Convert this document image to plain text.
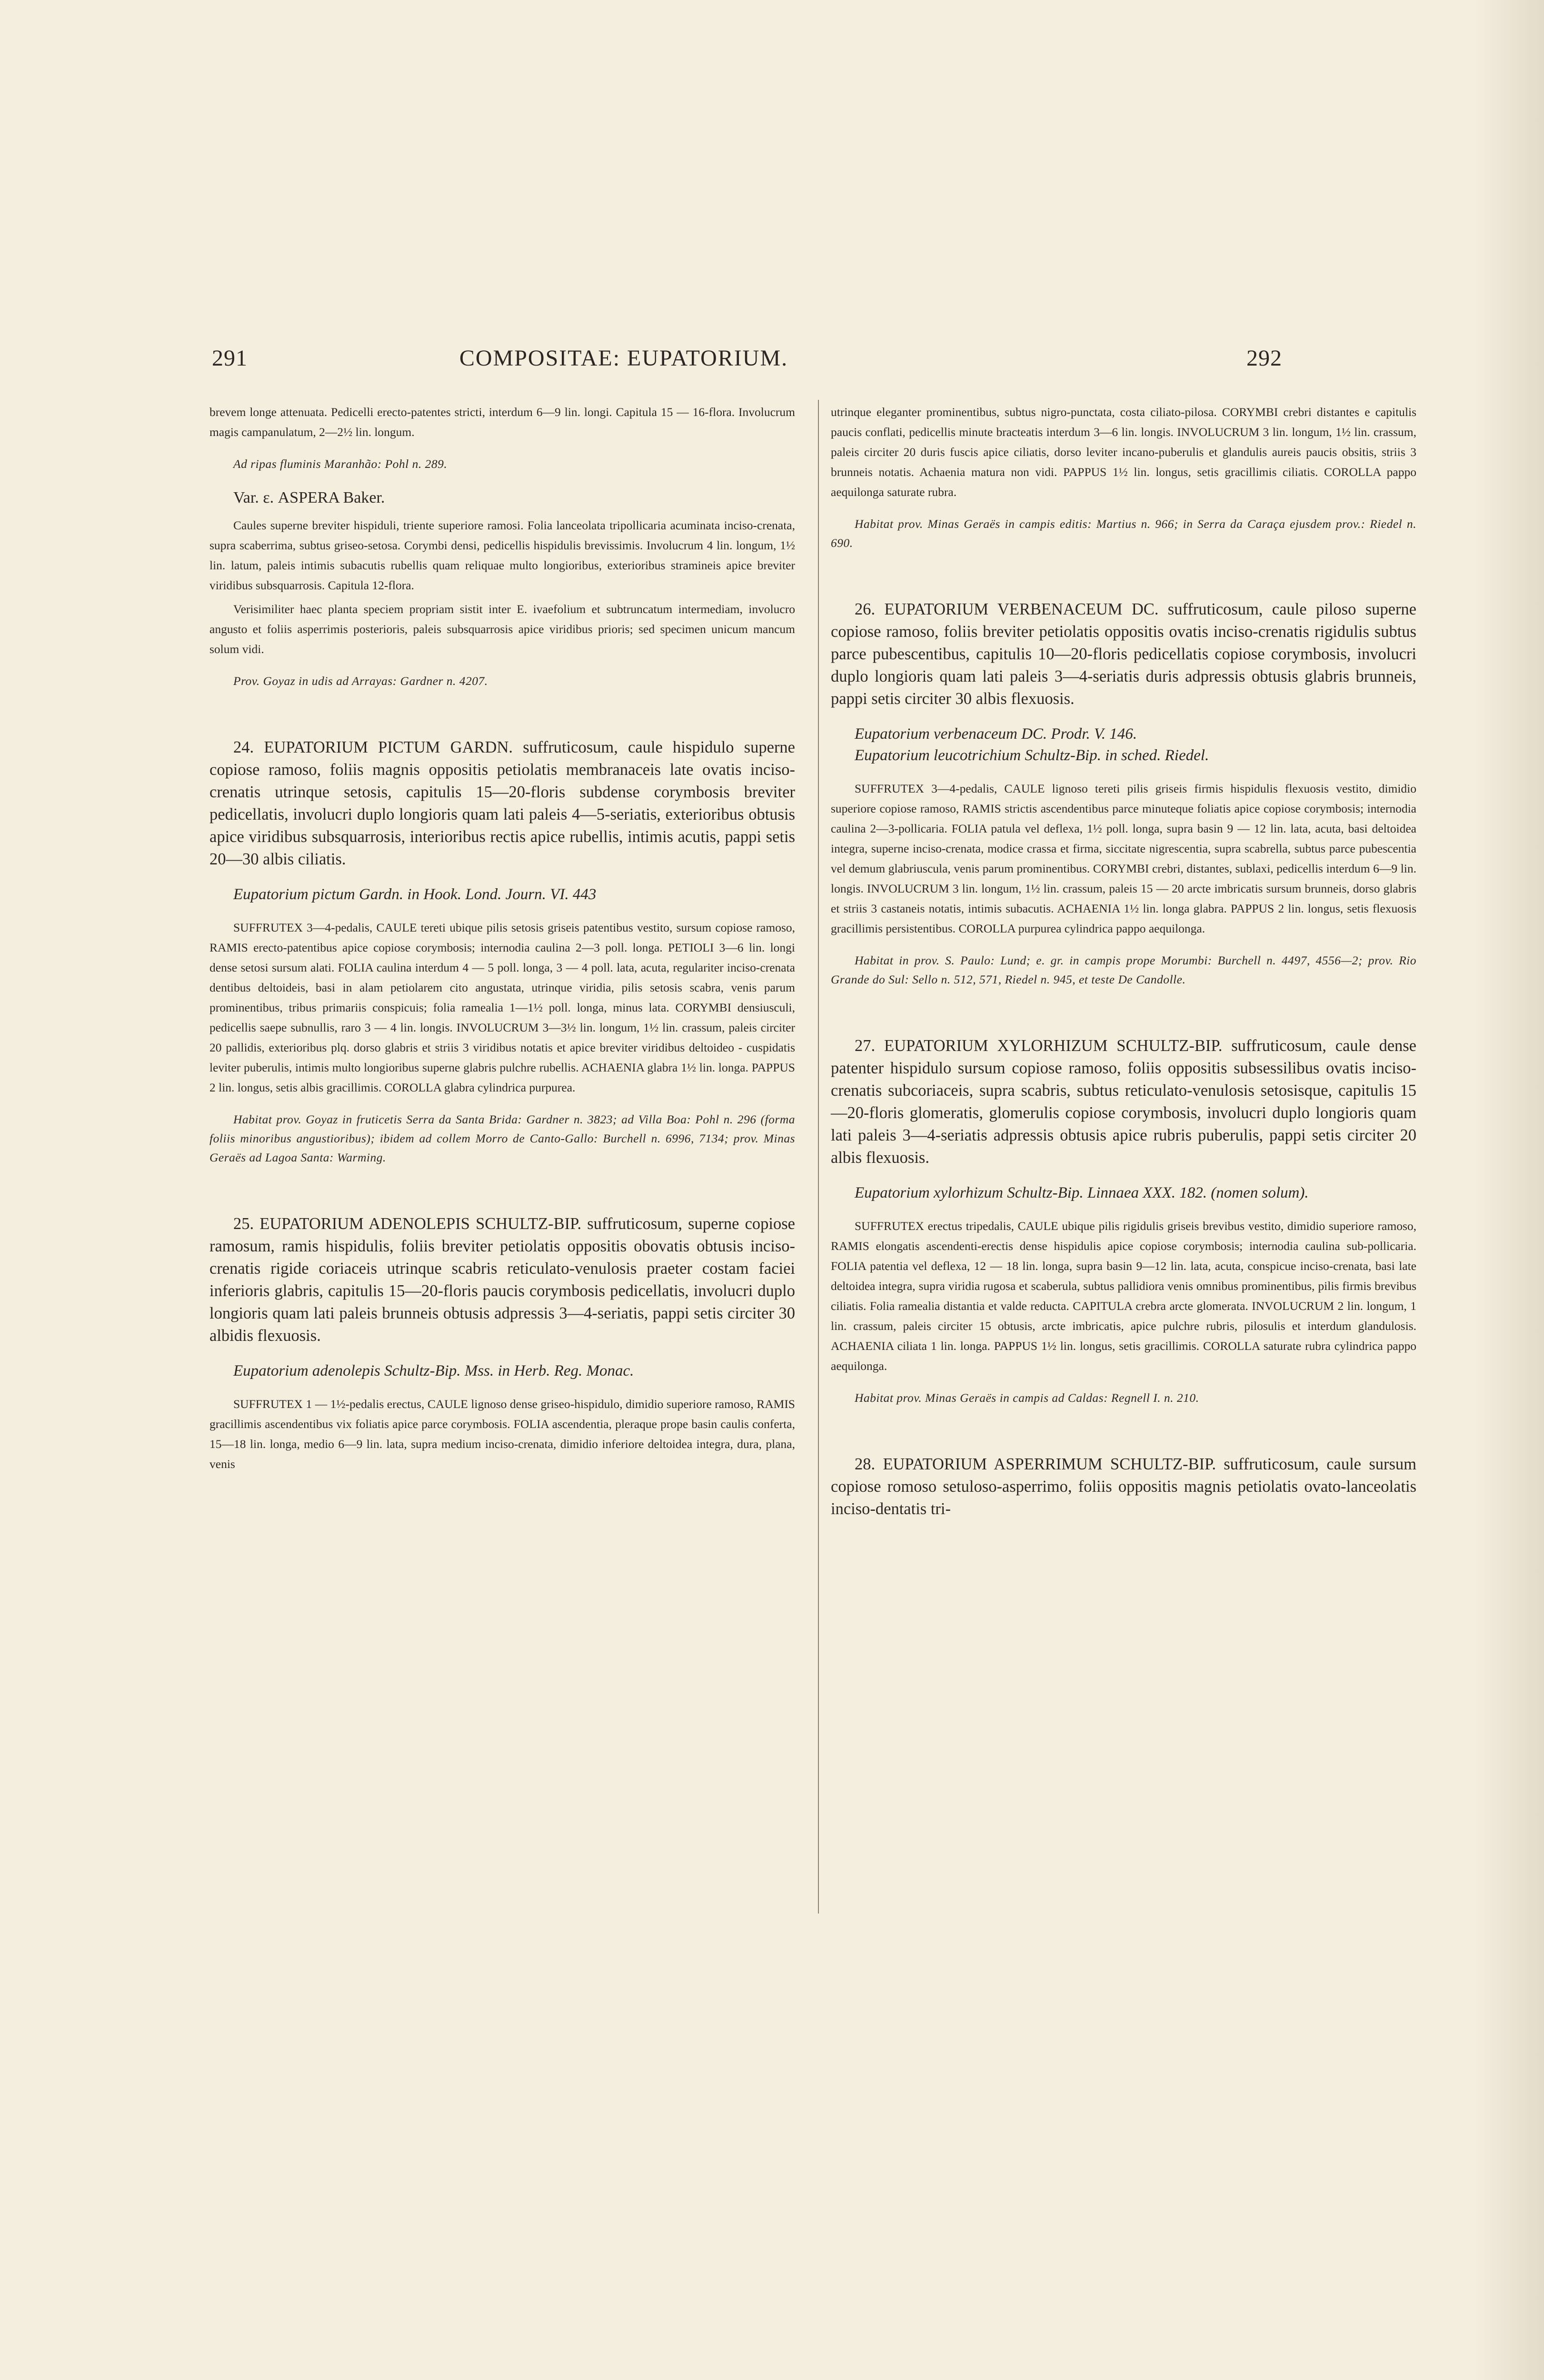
291	COMPOSITAE: EUPATORIUM.	292

brevem longe attenuata. Pedicelli erecto-patentes stricti, interdum 6—9 lin. longi. Capitula 15 — 16-flora. Involucrum magis campanulatum, 2—2½ lin. longum.

Ad ripas fluminis Maranhão: Pohl n. 289.

Var. ε. ASPERA Baker.

Caules superne breviter hispiduli, triente superiore ramosi. Folia lanceolata tripollicaria acuminata inciso-crenata, supra scaberrima, subtus griseo-setosa. Corymbi densi, pedicellis hispidulis brevissimis. Involucrum 4 lin. longum, 1½ lin. latum, paleis intimis subacutis rubellis quam reliquae multo longioribus, exterioribus stramineis apice breviter viridibus subsquarrosis. Capitula 12-flora.

Verisimiliter haec planta speciem propriam sistit inter E. ivaefolium et subtruncatum intermediam, involucro angusto et foliis asperrimis posterioris, paleis subsquarrosis apice viridibus prioris; sed specimen unicum mancum solum vidi.

Prov. Goyaz in udis ad Arrayas: Gardner n. 4207.

24. EUPATORIUM PICTUM GARDN. suffruticosum, caule hispidulo superne copiose ramoso, foliis magnis oppositis petiolatis membranaceis late ovatis inciso-crenatis utrinque setosis, capitulis 15—20-floris subdense corymbosis breviter pedicellatis, involucri duplo longioris quam lati paleis 4—5-seriatis, exterioribus obtusis apice viridibus subsquarrosis, interioribus rectis apice rubellis, intimis acutis, pappi setis 20—30 albis ciliatis.

Eupatorium pictum Gardn. in Hook. Lond. Journ. VI. 443

SUFFRUTEX 3—4-pedalis, CAULE tereti ubique pilis setosis griseis patentibus vestito, sursum copiose ramoso, RAMIS erecto-patentibus apice copiose corymbosis; internodia caulina 2—3 poll. longa. PETIOLI 3—6 lin. longi dense setosi sursum alati. FOLIA caulina interdum 4 — 5 poll. longa, 3 — 4 poll. lata, acuta, regulariter inciso-crenata dentibus deltoideis, basi in alam petiolarem cito angustata, utrinque viridia, pilis setosis scabra, venis parum prominentibus, tribus primariis conspicuis; folia ramealia 1—1½ poll. longa, minus lata. CORYMBI densiusculi, pedicellis saepe subnullis, raro 3 — 4 lin. longis. INVOLUCRUM 3—3½ lin. longum, 1½ lin. crassum, paleis circiter 20 pallidis, exterioribus plq. dorso glabris et striis 3 viridibus notatis et apice breviter viridibus deltoideo - cuspidatis leviter puberulis, intimis multo longioribus superne glabris pulchre rubellis. ACHAENIA glabra 1½ lin. longa. PAPPUS 2 lin. longus, setis albis gracillimis. COROLLA glabra cylindrica purpurea.

Habitat prov. Goyaz in fruticetis Serra da Santa Brida: Gardner n. 3823; ad Villa Boa: Pohl n. 296 (forma foliis minoribus angustioribus); ibidem ad collem Morro de Canto-Gallo: Burchell n. 6996, 7134; prov. Minas Geraës ad Lagoa Santa: Warming.

25. EUPATORIUM ADENOLEPIS SCHULTZ-BIP. suffruticosum, superne copiose ramosum, ramis hispidulis, foliis breviter petiolatis oppositis obovatis obtusis inciso-crenatis rigide coriaceis utrinque scabris reticulato-venulosis praeter costam faciei inferioris glabris, capitulis 15—20-floris paucis corymbosis pedicellatis, involucri duplo longioris quam lati paleis brunneis obtusis adpressis 3—4-seriatis, pappi setis circiter 30 albidis flexuosis.

Eupatorium adenolepis Schultz-Bip. Mss. in Herb. Reg. Monac.

SUFFRUTEX 1 — 1½-pedalis erectus, CAULE lignoso dense griseo-hispidulo, dimidio superiore ramoso, RAMIS gracillimis ascendentibus vix foliatis apice parce corymbosis. FOLIA ascendentia, pleraque prope basin caulis conferta, 15—18 lin. longa, medio 6—9 lin. lata, supra medium inciso-crenata, dimidio inferiore deltoidea integra, dura, plana, venis

utrinque eleganter prominentibus, subtus nigro-punctata, costa ciliato-pilosa. CORYMBI crebri distantes e capitulis paucis conflati, pedicellis minute bracteatis interdum 3—6 lin. longis. INVOLUCRUM 3 lin. longum, 1½ lin. crassum, paleis circiter 20 duris fuscis apice ciliatis, dorso leviter incano-puberulis et glandulis aureis paucis obsitis, striis 3 brunneis notatis. Achaenia matura non vidi. PAPPUS 1½ lin. longus, setis gracillimis ciliatis. COROLLA pappo aequilonga saturate rubra.

Habitat prov. Minas Geraës in campis editis: Martius n. 966; in Serra da Caraça ejusdem prov.: Riedel n. 690.

26. EUPATORIUM VERBENACEUM DC. suffruticosum, caule piloso superne copiose ramoso, foliis breviter petiolatis oppositis ovatis inciso-crenatis rigidulis subtus parce pubescentibus, capitulis 10—20-floris pedicellatis copiose corymbosis, involucri duplo longioris quam lati paleis 3—4-seriatis duris adpressis obtusis glabris brunneis, pappi setis circiter 30 albis flexuosis.

Eupatorium verbenaceum DC. Prodr. V. 146.

Eupatorium leucotrichium Schultz-Bip. in sched. Riedel.

SUFFRUTEX 3—4-pedalis, CAULE lignoso tereti pilis griseis firmis hispidulis flexuosis vestito, dimidio superiore copiose ramoso, RAMIS strictis ascendentibus parce minuteque foliatis apice copiose corymbosis; internodia caulina 2—3-pollicaria. FOLIA patula vel deflexa, 1½ poll. longa, supra basin 9 — 12 lin. lata, acuta, basi deltoidea integra, superne inciso-crenata, modice crassa et firma, siccitate nigrescentia, supra scabrella, subtus parce pubescentia vel demum glabriuscula, venis parum prominentibus. CORYMBI crebri, distantes, sublaxi, pedicellis interdum 6—9 lin. longis. INVOLUCRUM 3 lin. longum, 1½ lin. crassum, paleis 15 — 20 arcte imbricatis sursum brunneis, dorso glabris et striis 3 castaneis notatis, intimis subacutis. ACHAENIA 1½ lin. longa glabra. PAPPUS 2 lin. longus, setis flexuosis gracillimis persistentibus. COROLLA purpurea cylindrica pappo aequilonga.

Habitat in prov. S. Paulo: Lund; e. gr. in campis prope Morumbi: Burchell n. 4497, 4556—2; prov. Rio Grande do Sul: Sello n. 512, 571, Riedel n. 945, et teste De Candolle.

27. EUPATORIUM XYLORHIZUM SCHULTZ-BIP. suffruticosum, caule dense patenter hispidulo sursum copiose ramoso, foliis oppositis subsessilibus ovatis inciso-crenatis subcoriaceis, supra scabris, subtus reticulato-venulosis setosisque, capitulis 15—20-floris glomeratis, glomerulis copiose corymbosis, involucri duplo longioris quam lati paleis 3—4-seriatis adpressis obtusis apice rubris puberulis, pappi setis circiter 20 albis flexuosis.

Eupatorium xylorhizum Schultz-Bip. Linnaea XXX. 182. (nomen solum).

SUFFRUTEX erectus tripedalis, CAULE ubique pilis rigidulis griseis brevibus vestito, dimidio superiore ramoso, RAMIS elongatis ascendenti-erectis dense hispidulis apice copiose corymbosis; internodia caulina sub-pollicaria. FOLIA patentia vel deflexa, 12 — 18 lin. longa, supra basin 9—12 lin. lata, acuta, conspicue inciso-crenata, basi late deltoidea integra, supra viridia rugosa et scaberula, subtus pallidiora venis omnibus prominentibus, pilis firmis brevibus ciliatis. Folia ramealia distantia et valde reducta. CAPITULA crebra arcte glomerata. INVOLUCRUM 2 lin. longum, 1 lin. crassum, paleis circiter 15 obtusis, arcte imbricatis, apice pulchre rubris, pilosulis et interdum glandulosis. ACHAENIA ciliata 1 lin. longa. PAPPUS 1½ lin. longus, setis gracillimis. COROLLA saturate rubra cylindrica pappo aequilonga.

Habitat prov. Minas Geraës in campis ad Caldas: Regnell I. n. 210.

28. EUPATORIUM ASPERRIMUM SCHULTZ-BIP. suffruticosum, caule sursum copiose romoso setuloso-asperrimo, foliis oppositis magnis petiolatis ovato-lanceolatis inciso-dentatis tri-
